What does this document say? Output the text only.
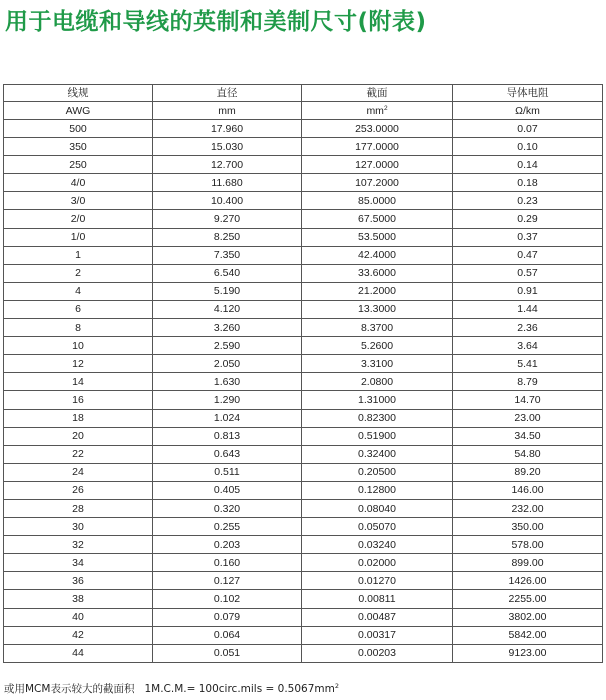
用于电缆和导线的英制和美制尺寸(附表)
线规	直径	截面	导体电阻
AWG	mm	$mm^2$	Ω/km
500	17.960	253.0000	0.07
350	15.030	177.0000	0.10
250	12.700	127.0000	0.14
4/0	11.680	107.2000	0.18
3/0	10.400	85.0000	0.23
2/0	9.270	67.5000	0.29
1/0	8.250	53.5000	0.37
1	7.350	42.4000	0.47
2	6.540	33.6000	0.57
4	5.190	21.2000	0.91
6	4.120	13.3000	1.44
8	3.260	8.3700	2.36
10	2.590	5.2600	3.64
12	2.050	3.3100	5.41
14	1.630	2.0800	8.79
16	1.290	1.31000	14.70
18	1.024	0.82300	23.00
20	0.813	0.51900	34.50
22	0.643	0.32400	54.80
24	0.511	0.20500	89.20
26	0.405	0.12800	146.00
28	0.320	0.08040	232.00
30	0.255	0.05070	350.00
32	0.203	0.03240	578.00
34	0.160	0.02000	899.00
36	0.127	0.01270	1426.00
38	0.102	0.00811	2255.00
40	0.079	0.00487	3802.00
42	0.064	0.00317	5842.00
44	0.051	0.00203	9123.00

或用MCM表示较大的截面积 1M.C.M.= 100circ.mils = $0.5067mm^2$
